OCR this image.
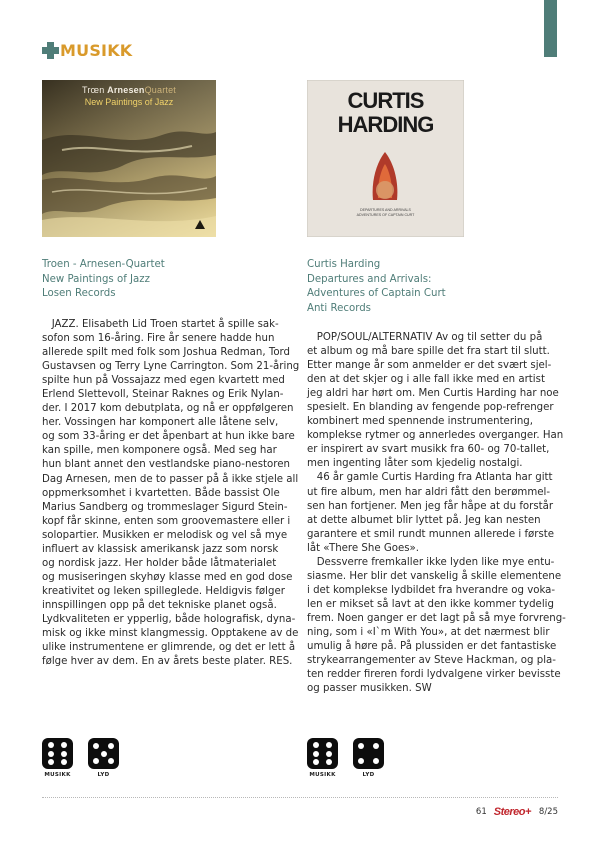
MUSIKK
Trœn ArnesenQuartet
New Paintings of Jazz	CURTIS
HARDING
DEPARTURES AND ARRIVALS
ADVENTURES OF CAPTAIN CURT
Troen - Arnesen-Quartet
New Paintings of Jazz
Losen Records
Curtis Harding
Departures and Arrivals:
Adventures of Captain Curt
Anti Records
JAZZ. Elisabeth Lid Troen startet å spille sak-
sofon som 16-åring. Fire år senere hadde hun
allerede spilt med folk som Joshua Redman, Tord
Gustavsen og Terry Lyne Carrington. Som 21-åring
spilte hun på Vossajazz med egen kvartett med
Erlend Slettevoll, Steinar Raknes og Erik Nylan-
der. I 2017 kom debutplata, og nå er oppfølgeren
her. Vossingen har komponert alle låtene selv,
og som 33-åring er det åpenbart at hun ikke bare
kan spille, men komponere også. Med seg har
hun blant annet den vestlandske piano-nestoren
Dag Arnesen, men de to passer på å ikke stjele all
oppmerksomhet i kvartetten. Både bassist Ole
Marius Sandberg og trommeslager Sigurd Stein-
kopf får skinne, enten som groovemastere eller i
solopartier. Musikken er melodisk og vel så mye
influert av klassisk amerikansk jazz som norsk
og nordisk jazz. Her holder både låtmaterialet
og musiseringen skyhøy klasse med en god dose
kreativitet og leken spilleglede. Heldigvis følger
innspillingen opp på det tekniske planet også.
Lydkvaliteten er ypperlig, både holografisk, dyna-
misk og ikke minst klangmessig. Opptakene av de
ulike instrumentene er glimrende, og det er lett å
følge hver av dem. En av årets beste plater. RES.
POP/SOUL/ALTERNATIV Av og til setter du på
et album og må bare spille det fra start til slutt.
Etter mange år som anmelder er det svært sjel-
den at det skjer og i alle fall ikke med en artist
jeg aldri har hørt om. Men Curtis Harding har noe
spesielt. En blanding av fengende pop-refrenger
kombinert med spennende instrumentering,
komplekse rytmer og annerledes overganger. Han
er inspirert av svart musikk fra 60- og 70-tallet,
men ingenting låter som kjedelig nostalgi.
46 år gamle Curtis Harding fra Atlanta har gitt
ut fire album, men har aldri fått den berømmel-
sen han fortjener. Men jeg får håpe at du forstår
at dette albumet blir lyttet på. Jeg kan nesten
garantere et smil rundt munnen allerede i første
låt «There She Goes».
Dessverre fremkaller ikke lyden like mye entu-
siasme. Her blir det vanskelig å skille elementene
i det komplekse lydbildet fra hverandre og voka-
len er mikset så lavt at den ikke kommer tydelig
frem. Noen ganger er det lagt på så mye forvreng-
ning, som i «I`m With You», at det nærmest blir
umulig å høre på. På plussiden er det fantastiske
strykearrangementer av Steve Hackman, og pla-
ten redder fireren fordi lydvalgene virker bevisste
og passer musikken. SW
MUSIKK	LYD	MUSIKK	LYD
61 Stereo+ 8/25
